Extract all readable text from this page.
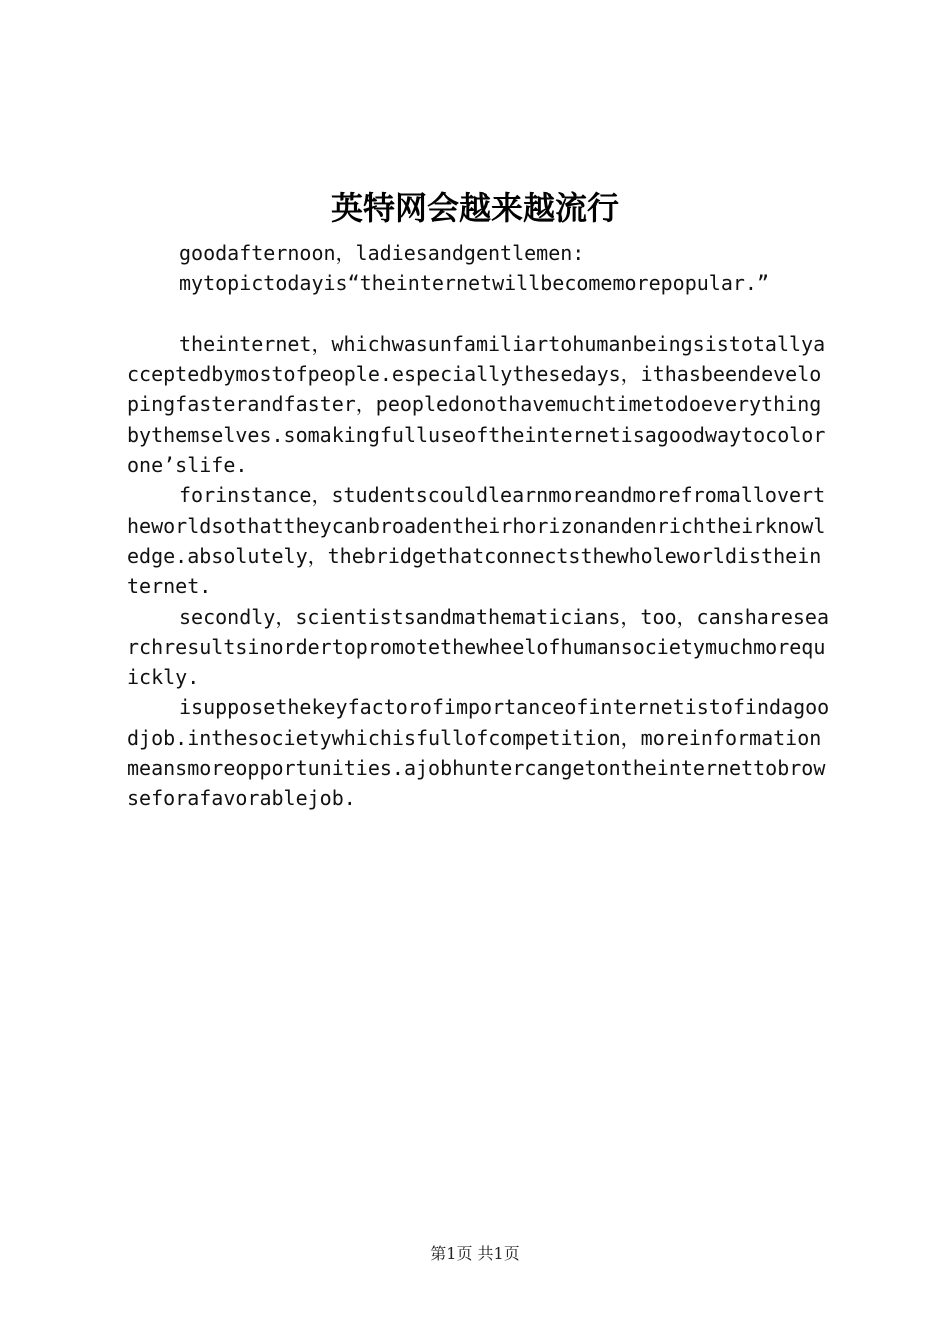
英特网会越来越流行

goodafternoon，ladiesandgentlemen:

mytopictodayis“theinternetwillbecomemorepopular.”

theinternet，whichwasunfamiliartohumanbeingsistotallyacceptedbymostofpeople.especiallythesedays，ithasbeendevelopingfasterandfaster，peopledonothavemuchtimetodoeverythingbythemselves.somakingfulluseoftheinternetisagoodwaytocolorone’slife.

forinstance，studentscouldlearnmoreandmorefromallovertheworldsothattheycanbroadentheirhorizonandenrichtheirknowledge.absolutely，thebridgethatconnectsthewholeworldistheinternet.

secondly，scientistsandmathematicians，too，cansharesearchresultsinordertopromotethewheelofhumansocietymuchmorequickly.

isupposethekeyfactorofimportanceofinternetistofindagoodjob.inthesocietywhichisfullofcompetition，moreinformationmeansmoreopportunities.ajobhuntercangetontheinternettobrowseforafavorablejob.

第1页 共1页
